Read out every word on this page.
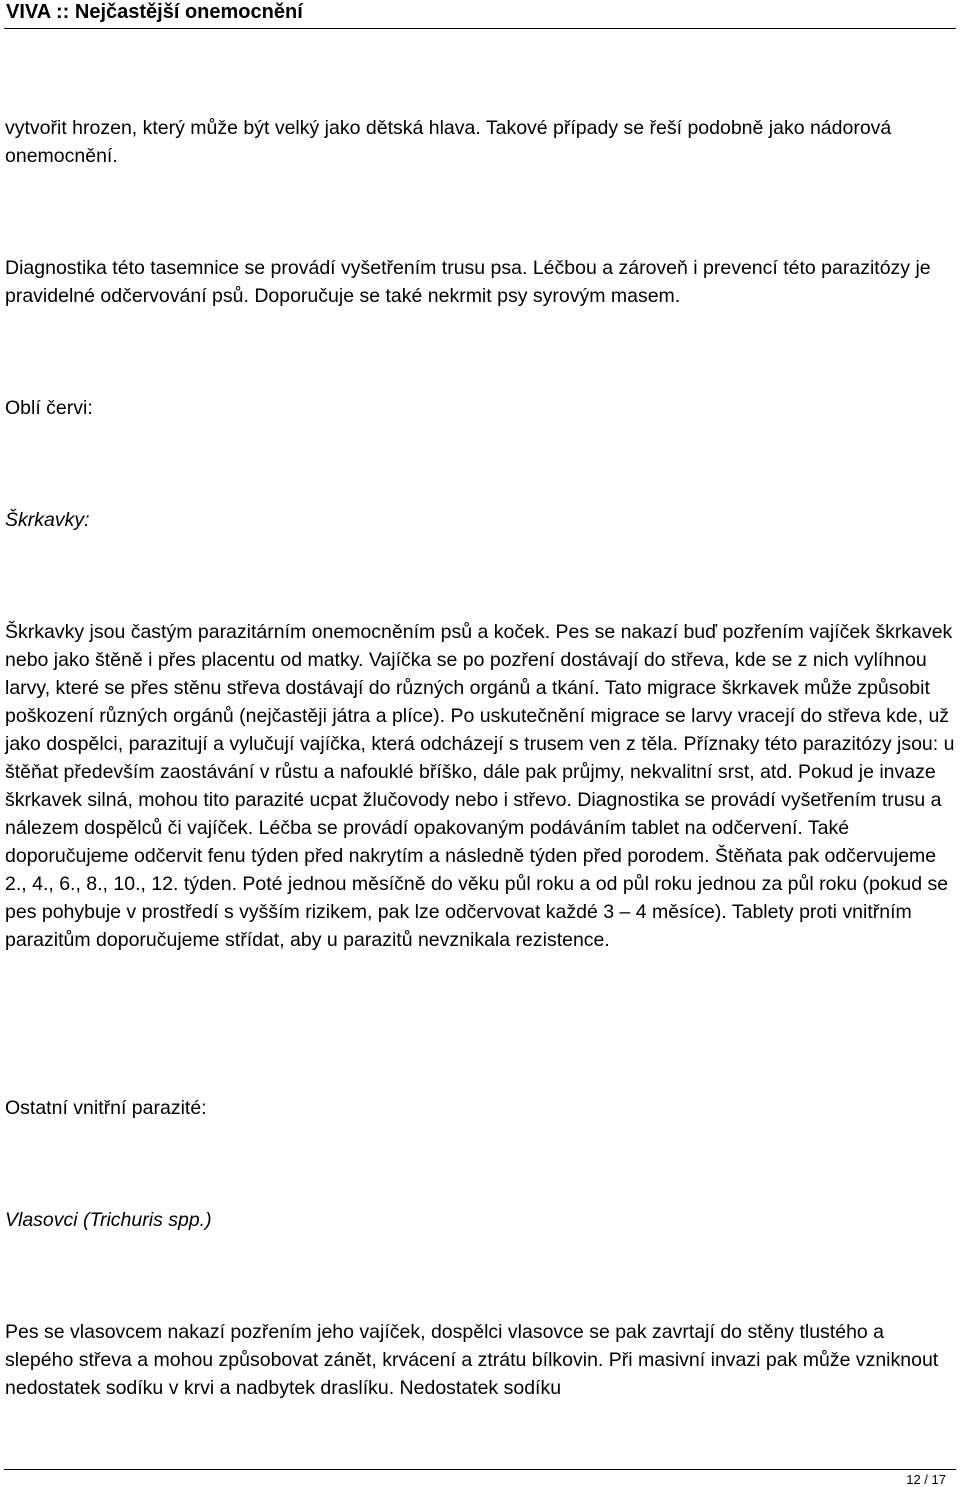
VIVA :: Nejčastější onemocnění

vytvořit hrozen, který může být velký jako dětská hlava. Takové případy se řeší podobně jako nádorová onemocnění.

Diagnostika této tasemnice se provádí vyšetřením trusu psa. Léčbou a zároveň i prevencí této parazitózy je pravidelné odčervování psů. Doporučuje se také nekrmit psy syrovým masem.

Oblí červi:

Škrkavky:

Škrkavky jsou častým parazitárním onemocněním psů a koček. Pes se nakazí buď pozřením vajíček škrkavek nebo jako štěně i přes placentu od matky. Vajíčka se po pozření dostávají do střeva, kde se z nich vylíhnou larvy, které se přes stěnu střeva dostávají do různých orgánů a tkání. Tato migrace škrkavek může způsobit poškození různých orgánů (nejčastěji játra a plíce). Po uskutečnění migrace se larvy vracejí do střeva kde, už jako dospělci, parazitují a vylučují vajíčka, která odcházejí s trusem ven z těla. Příznaky této parazitózy jsou: u štěňat především zaostávání v růstu a nafouklé bříško, dále pak průjmy, nekvalitní srst, atd. Pokud je invaze škrkavek silná, mohou tito parazité ucpat žlučovody nebo i střevo. Diagnostika se provádí vyšetřením trusu a nálezem dospělců či vajíček. Léčba se provádí opakovaným podáváním tablet na odčervení. Také doporučujeme odčervit fenu týden před nakrytím a následně týden před porodem. Štěňata pak odčervujeme 2., 4., 6., 8., 10., 12. týden. Poté jednou měsíčně do věku půl roku a od půl roku jednou za půl roku (pokud se pes pohybuje v prostředí s vyšším rizikem, pak lze odčervovat každé 3 – 4 měsíce). Tablety proti vnitřním parazitům doporučujeme střídat, aby u parazitů nevznikala rezistence.

Ostatní vnitřní parazité:

Vlasovci (Trichuris spp.)

Pes se vlasovcem nakazí pozřením jeho vajíček, dospělci vlasovce se pak zavrtají do stěny tlustého a slepého střeva a mohou způsobovat zánět, krvácení a ztrátu bílkovin. Při masivní invazi pak může vzniknout nedostatek sodíku v krvi a nadbytek draslíku. Nedostatek sodíku

12 / 17
